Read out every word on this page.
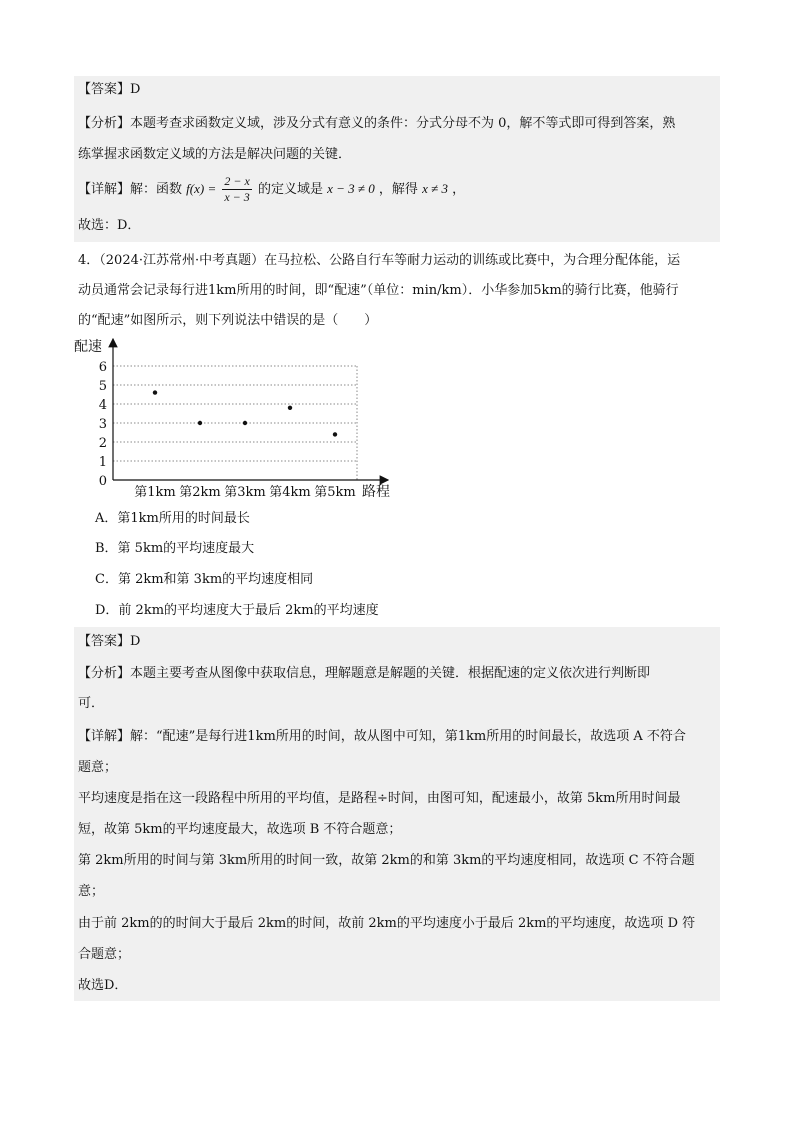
【答案】D
【分析】本题考查求函数定义域，涉及分式有意义的条件：分式分母不为 0，解不等式即可得到答案，熟
练掌握求函数定义域的方法是解决问题的关键．
【详解】解：函数 $f(x) = \frac{2 - x}{x - 3}$ 的定义域是 x − 3 ≠ 0 ，解得 x ≠ 3 ，
故选：D．
4．（2024·江苏常州·中考真题）在马拉松、公路自行车等耐力运动的训练或比赛中，为合理分配体能，运
动员通常会记录每行进1km所用的时间，即“配速”（单位：min/km）．小华参加5km的骑行比赛，他骑行
的“配速”如图所示，则下列说法中错误的是（　　）
配速
路程
0
1
2
3
4
5
6
第1km 第2km 第3km 第4km 第5km
A．第1km所用的时间最长
B．第 5km的平均速度最大
C．第 2km和第 3km的平均速度相同
D．前 2km的平均速度大于最后 2km的平均速度
【答案】D
【分析】本题主要考查从图像中获取信息，理解题意是解题的关键．根据配速的定义依次进行判断即
可．
【详解】解：“配速”是每行进1km所用的时间，故从图中可知，第1km所用的时间最长，故选项 A 不符合
题意；
平均速度是指在这一段路程中所用的平均值，是路程÷时间，由图可知，配速最小，故第 5km所用时间最
短，故第 5km的平均速度最大，故选项 B 不符合题意；
第 2km所用的时间与第 3km所用的时间一致，故第 2km的和第 3km的平均速度相同，故选项 C 不符合题
意；
由于前 2km的的时间大于最后 2km的时间，故前 2km的平均速度小于最后 2km的平均速度，故选项 D 符
合题意；
故选D．
